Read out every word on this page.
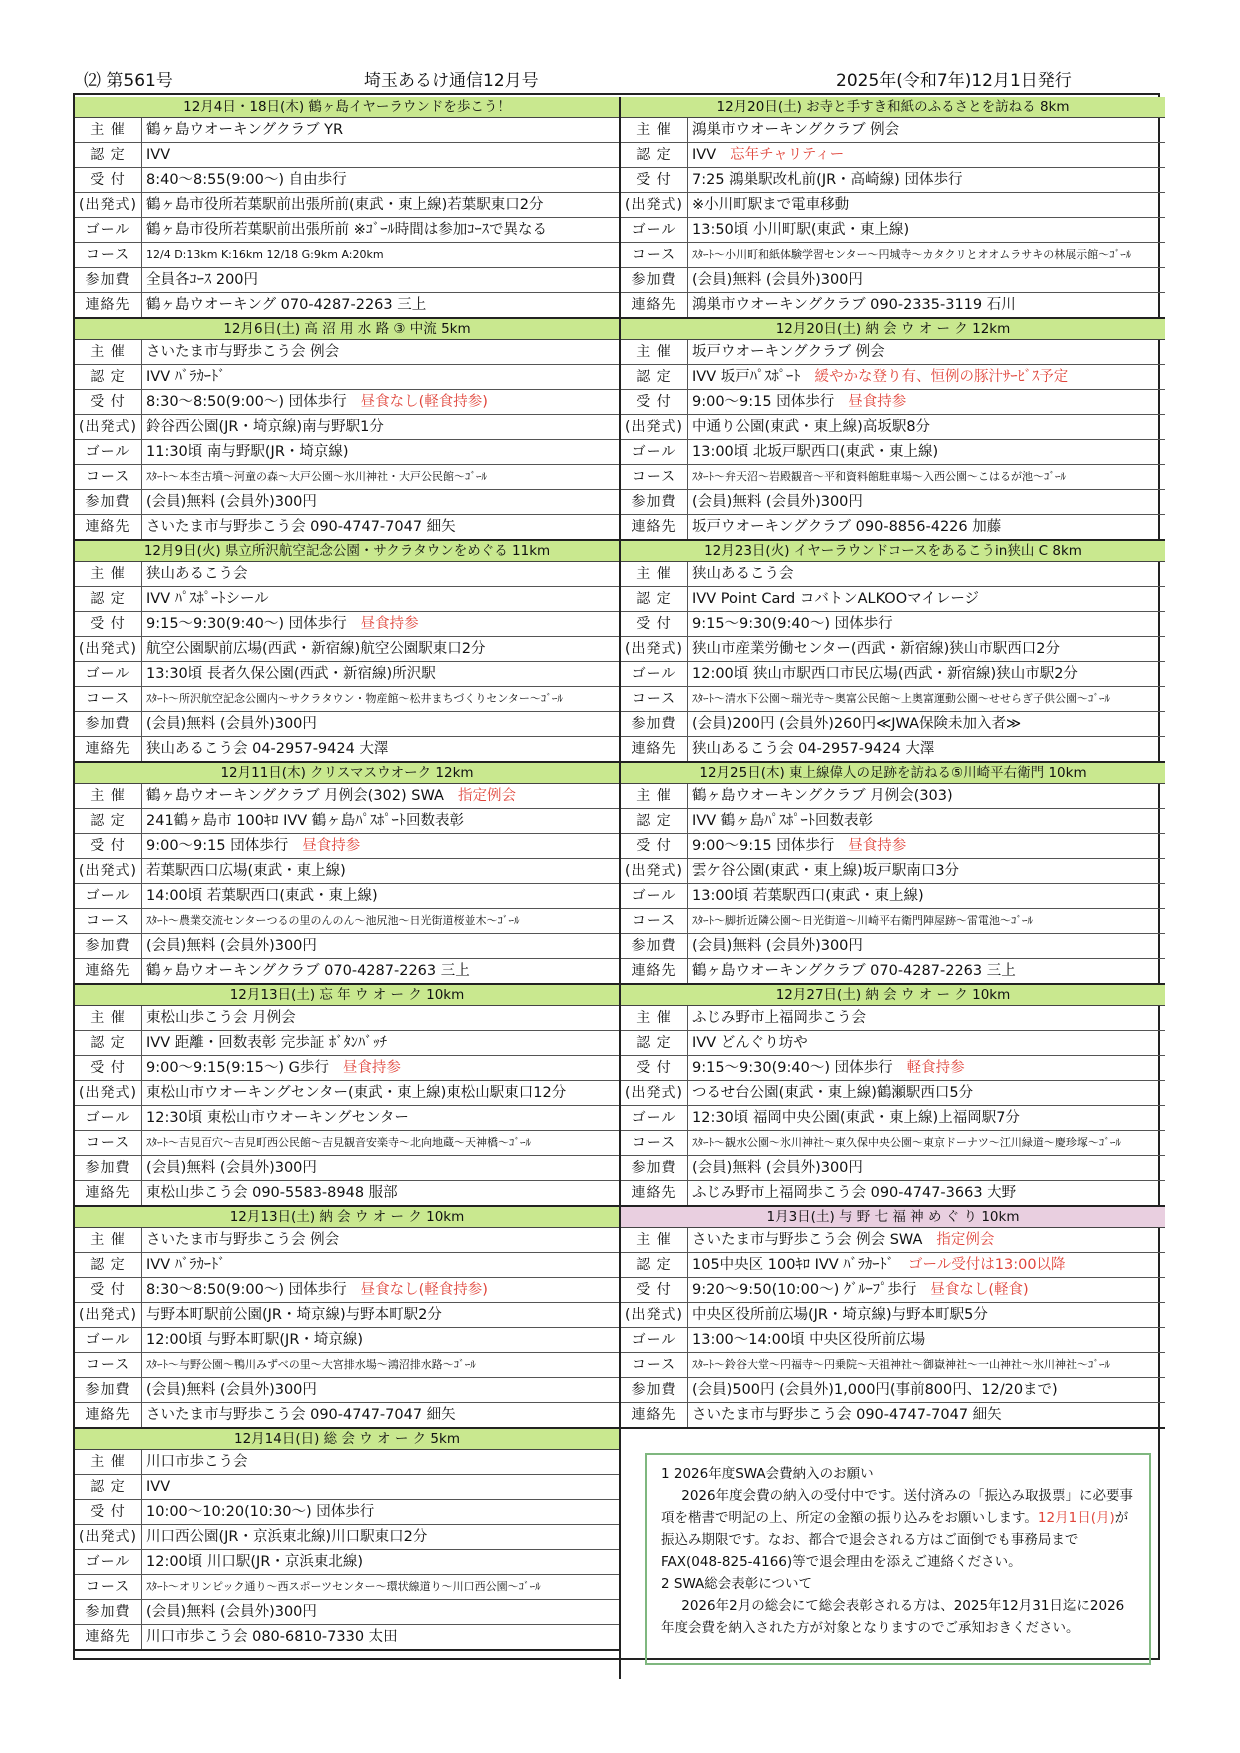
⑵ 第561号	埼玉あるけ通信12月号	2025年(令和7年)12月1日発行
12月4日・18日(木) 鶴ヶ島イヤーラウンドを歩こう！
主 催	鶴ヶ島ウオーキングクラブ YR
認 定	IVV
受 付	8:40～8:55(9:00～) 自由歩行
(出発式) 鶴ヶ島市役所若葉駅前出張所前(東武・東上線)若葉駅東口2分
ゴール	鶴ヶ島市役所若葉駅前出張所前 ※ｺﾞｰﾙ時間は参加ｺｰｽで異なる
コース	12/4 D:13km K:16km 12/18 G:9km A:20km
参加費	全員各ｺｰｽ 200円
連絡先	鶴ヶ島ウオーキング 070-4287-2263 三上
12月6日(土) 高 沼 用 水 路 ③ 中流 5km
主 催	さいたま市与野歩こう会 例会
認 定	IVV ﾊﾞﾗｶｰﾄﾞ
受 付	8:30～8:50(9:00～) 団体歩行 昼食なし(軽食持参)
(出発式) 鈴谷西公園(JR・埼京線)南与野駅1分
ゴール	11:30頃 南与野駅(JR・埼京線)
コース	ｽﾀｰﾄ～本杢古墳～河童の森～大戸公園～氷川神社・大戸公民館～ｺﾞｰﾙ
参加費	(会員)無料 (会員外)300円
連絡先	さいたま市与野歩こう会 090-4747-7047 細矢
12月9日(火) 県立所沢航空記念公園・サクラタウンをめぐる 11km
主 催	狭山あるこう会
認 定	IVV ﾊﾟｽﾎﾟｰﾄシール
受 付	9:15～9:30(9:40～) 団体歩行 昼食持参
(出発式) 航空公園駅前広場(西武・新宿線)航空公園駅東口2分
ゴール	13:30頃 長者久保公園(西武・新宿線)所沢駅
コース	ｽﾀｰﾄ～所沢航空記念公園内～サクラタウン・物産館～松井まちづくりセンター～ｺﾞｰﾙ
参加費	(会員)無料 (会員外)300円
連絡先	狭山あるこう会 04-2957-9424 大澤
12月11日(木) クリスマスウオーク 12km
主 催	鶴ヶ島ウオーキングクラブ 月例会(302) SWA 指定例会
認 定	241鶴ヶ島市 100ｷﾛ IVV 鶴ヶ島ﾊﾟｽﾎﾟｰﾄ回数表彰
受 付	9:00～9:15 団体歩行 昼食持参
(出発式) 若葉駅西口広場(東武・東上線)
ゴール	14:00頃 若葉駅西口(東武・東上線)
コース	ｽﾀｰﾄ～農業交流センターつるの里のんのん～池尻池～日光街道桜並木～ｺﾞｰﾙ
参加費	(会員)無料 (会員外)300円
連絡先	鶴ヶ島ウオーキングクラブ 070-4287-2263 三上
12月13日(土) 忘 年 ウ オ ー ク 10km
主 催	東松山歩こう会 月例会
認 定	IVV 距離・回数表彰 完歩証 ﾎﾞﾀﾝﾊﾞｯﾁ
受 付	9:00～9:15(9:15～) G歩行 昼食持参
(出発式) 東松山市ウオーキングセンター(東武・東上線)東松山駅東口12分
ゴール	12:30頃 東松山市ウオーキングセンター
コース	ｽﾀｰﾄ～吉見百穴～吉見町西公民館～吉見観音安楽寺～北向地蔵～天神橋～ｺﾞｰﾙ
参加費	(会員)無料 (会員外)300円
連絡先	東松山歩こう会 090-5583-8948 服部
12月13日(土) 納 会 ウ オ ー ク 10km
主 催	さいたま市与野歩こう会 例会
認 定	IVV ﾊﾞﾗｶｰﾄﾞ
受 付	8:30～8:50(9:00～) 団体歩行 昼食なし(軽食持参)
(出発式) 与野本町駅前公園(JR・埼京線)与野本町駅2分
ゴール	12:00頃 与野本町駅(JR・埼京線)
コース	ｽﾀｰﾄ～与野公園～鴨川みずべの里～大宮排水場～鴻沼排水路～ｺﾞｰﾙ
参加費	(会員)無料 (会員外)300円
連絡先	さいたま市与野歩こう会 090-4747-7047 細矢
12月14日(日) 総 会 ウ オ ー ク 5km
主 催	川口市歩こう会
認 定	IVV
受 付	10:00～10:20(10:30～) 団体歩行
(出発式) 川口西公園(JR・京浜東北線)川口駅東口2分
ゴール	12:00頃 川口駅(JR・京浜東北線)
コース	ｽﾀｰﾄ～オリンピック通り～西スポーツセンター～環状線道り～川口西公園～ｺﾞｰﾙ
参加費	(会員)無料 (会員外)300円
連絡先	川口市歩こう会 080-6810-7330 太田
12月20日(土) お寺と手すき和紙のふるさとを訪ねる 8km
主 催	鴻巣市ウオーキングクラブ 例会
認 定	IVV 忘年チャリティー
受 付	7:25 鴻巣駅改札前(JR・高崎線) 団体歩行
(出発式) ※小川町駅まで電車移動
ゴール	13:50頃 小川町駅(東武・東上線)
コース	ｽﾀｰﾄ～小川町和紙体験学習センター～円城寺～カタクリとオオムラサキの林展示館～ｺﾞｰﾙ
参加費	(会員)無料 (会員外)300円
連絡先	鴻巣市ウオーキングクラブ 090-2335-3119 石川
12月20日(土) 納 会 ウ オ ー ク 12km
主 催	坂戸ウオーキングクラブ 例会
認 定	IVV 坂戸ﾊﾟｽﾎﾟｰﾄ 緩やかな登り有、恒例の豚汁ｻｰﾋﾞｽ予定
受 付	9:00～9:15 団体歩行 昼食持参
(出発式) 中通り公園(東武・東上線)高坂駅8分
ゴール	13:00頃 北坂戸駅西口(東武・東上線)
コース	ｽﾀｰﾄ～弁天沼～岩殿観音～平和資料館駐車場～入西公園～こはるが池～ｺﾞｰﾙ
参加費	(会員)無料 (会員外)300円
連絡先	坂戸ウオーキングクラブ 090-8856-4226 加藤
12月23日(火) イヤーラウンドコースをあるこうin狭山 C 8km
主 催	狭山あるこう会
認 定	IVV Point Card コバトンALKOOマイレージ
受 付	9:15～9:30(9:40～) 団体歩行
(出発式) 狭山市産業労働センター(西武・新宿線)狭山市駅西口2分
ゴール	12:00頃 狭山市駅西口市民広場(西武・新宿線)狭山市駅2分
コース	ｽﾀｰﾄ～清水下公園～瑞光寺～奥富公民館～上奥富運動公園～せせらぎ子供公園～ｺﾞｰﾙ
参加費	(会員)200円 (会員外)260円≪JWA保険未加入者≫
連絡先	狭山あるこう会 04-2957-9424 大澤
12月25日(木) 東上線偉人の足跡を訪ねる⑤川崎平右衛門 10km
主 催	鶴ヶ島ウオーキングクラブ 月例会(303)
認 定	IVV 鶴ヶ島ﾊﾟｽﾎﾟｰﾄ回数表彰
受 付	9:00～9:15 団体歩行 昼食持参
(出発式) 雲ケ谷公園(東武・東上線)坂戸駅南口3分
ゴール	13:00頃 若葉駅西口(東武・東上線)
コース	ｽﾀｰﾄ～脚折近隣公園～日光街道～川崎平右衛門陣屋跡～雷電池～ｺﾞｰﾙ
参加費	(会員)無料 (会員外)300円
連絡先	鶴ヶ島ウオーキングクラブ 070-4287-2263 三上
12月27日(土) 納 会 ウ オ ー ク 10km
主 催	ふじみ野市上福岡歩こう会
認 定	IVV どんぐり坊や
受 付	9:15～9:30(9:40～) 団体歩行 軽食持参
(出発式) つるせ台公園(東武・東上線)鶴瀬駅西口5分
ゴール	12:30頃 福岡中央公園(東武・東上線)上福岡駅7分
コース	ｽﾀｰﾄ～観水公園～氷川神社～東久保中央公園～東京ドーナツ～江川緑道～慶珍塚～ｺﾞｰﾙ
参加費	(会員)無料 (会員外)300円
連絡先	ふじみ野市上福岡歩こう会 090-4747-3663 大野
1月3日(土) 与 野 七 福 神 め ぐ り 10km
主 催	さいたま市与野歩こう会 例会 SWA 指定例会
認 定	105中央区 100ｷﾛ IVV ﾊﾞﾗｶｰﾄﾞ ゴール受付は13:00以降
受 付	9:20～9:50(10:00～) ｸﾞﾙｰﾌﾟ歩行 昼食なし(軽食)
(出発式) 中央区役所前広場(JR・埼京線)与野本町駅5分
ゴール	13:00～14:00頃 中央区役所前広場
コース	ｽﾀｰﾄ～鈴谷大堂～円福寺～円乗院～天祖神社～御嶽神社～一山神社～氷川神社～ｺﾞｰﾙ
参加費	(会員)500円 (会員外)1,000円(事前800円、12/20まで)
連絡先	さいたま市与野歩こう会 090-4747-7047 細矢

1 2026年度SWA会費納入のお願い

2026年度会費の納入の受付中です。送付済みの「振込み取扱票」に必要事項を楷書で明記の上、所定の金額の振り込みをお願いします。12月1日(月)が振込み期限です。なお、都合で退会される方はご面倒でも事務局までFAX(048-825-4166)等で退会理由を添えご連絡ください。

2 SWA総会表彰について

2026年2月の総会にて総会表彰される方は、2025年12月31日迄に2026年度会費を納入された方が対象となりますのでご承知おきください。
